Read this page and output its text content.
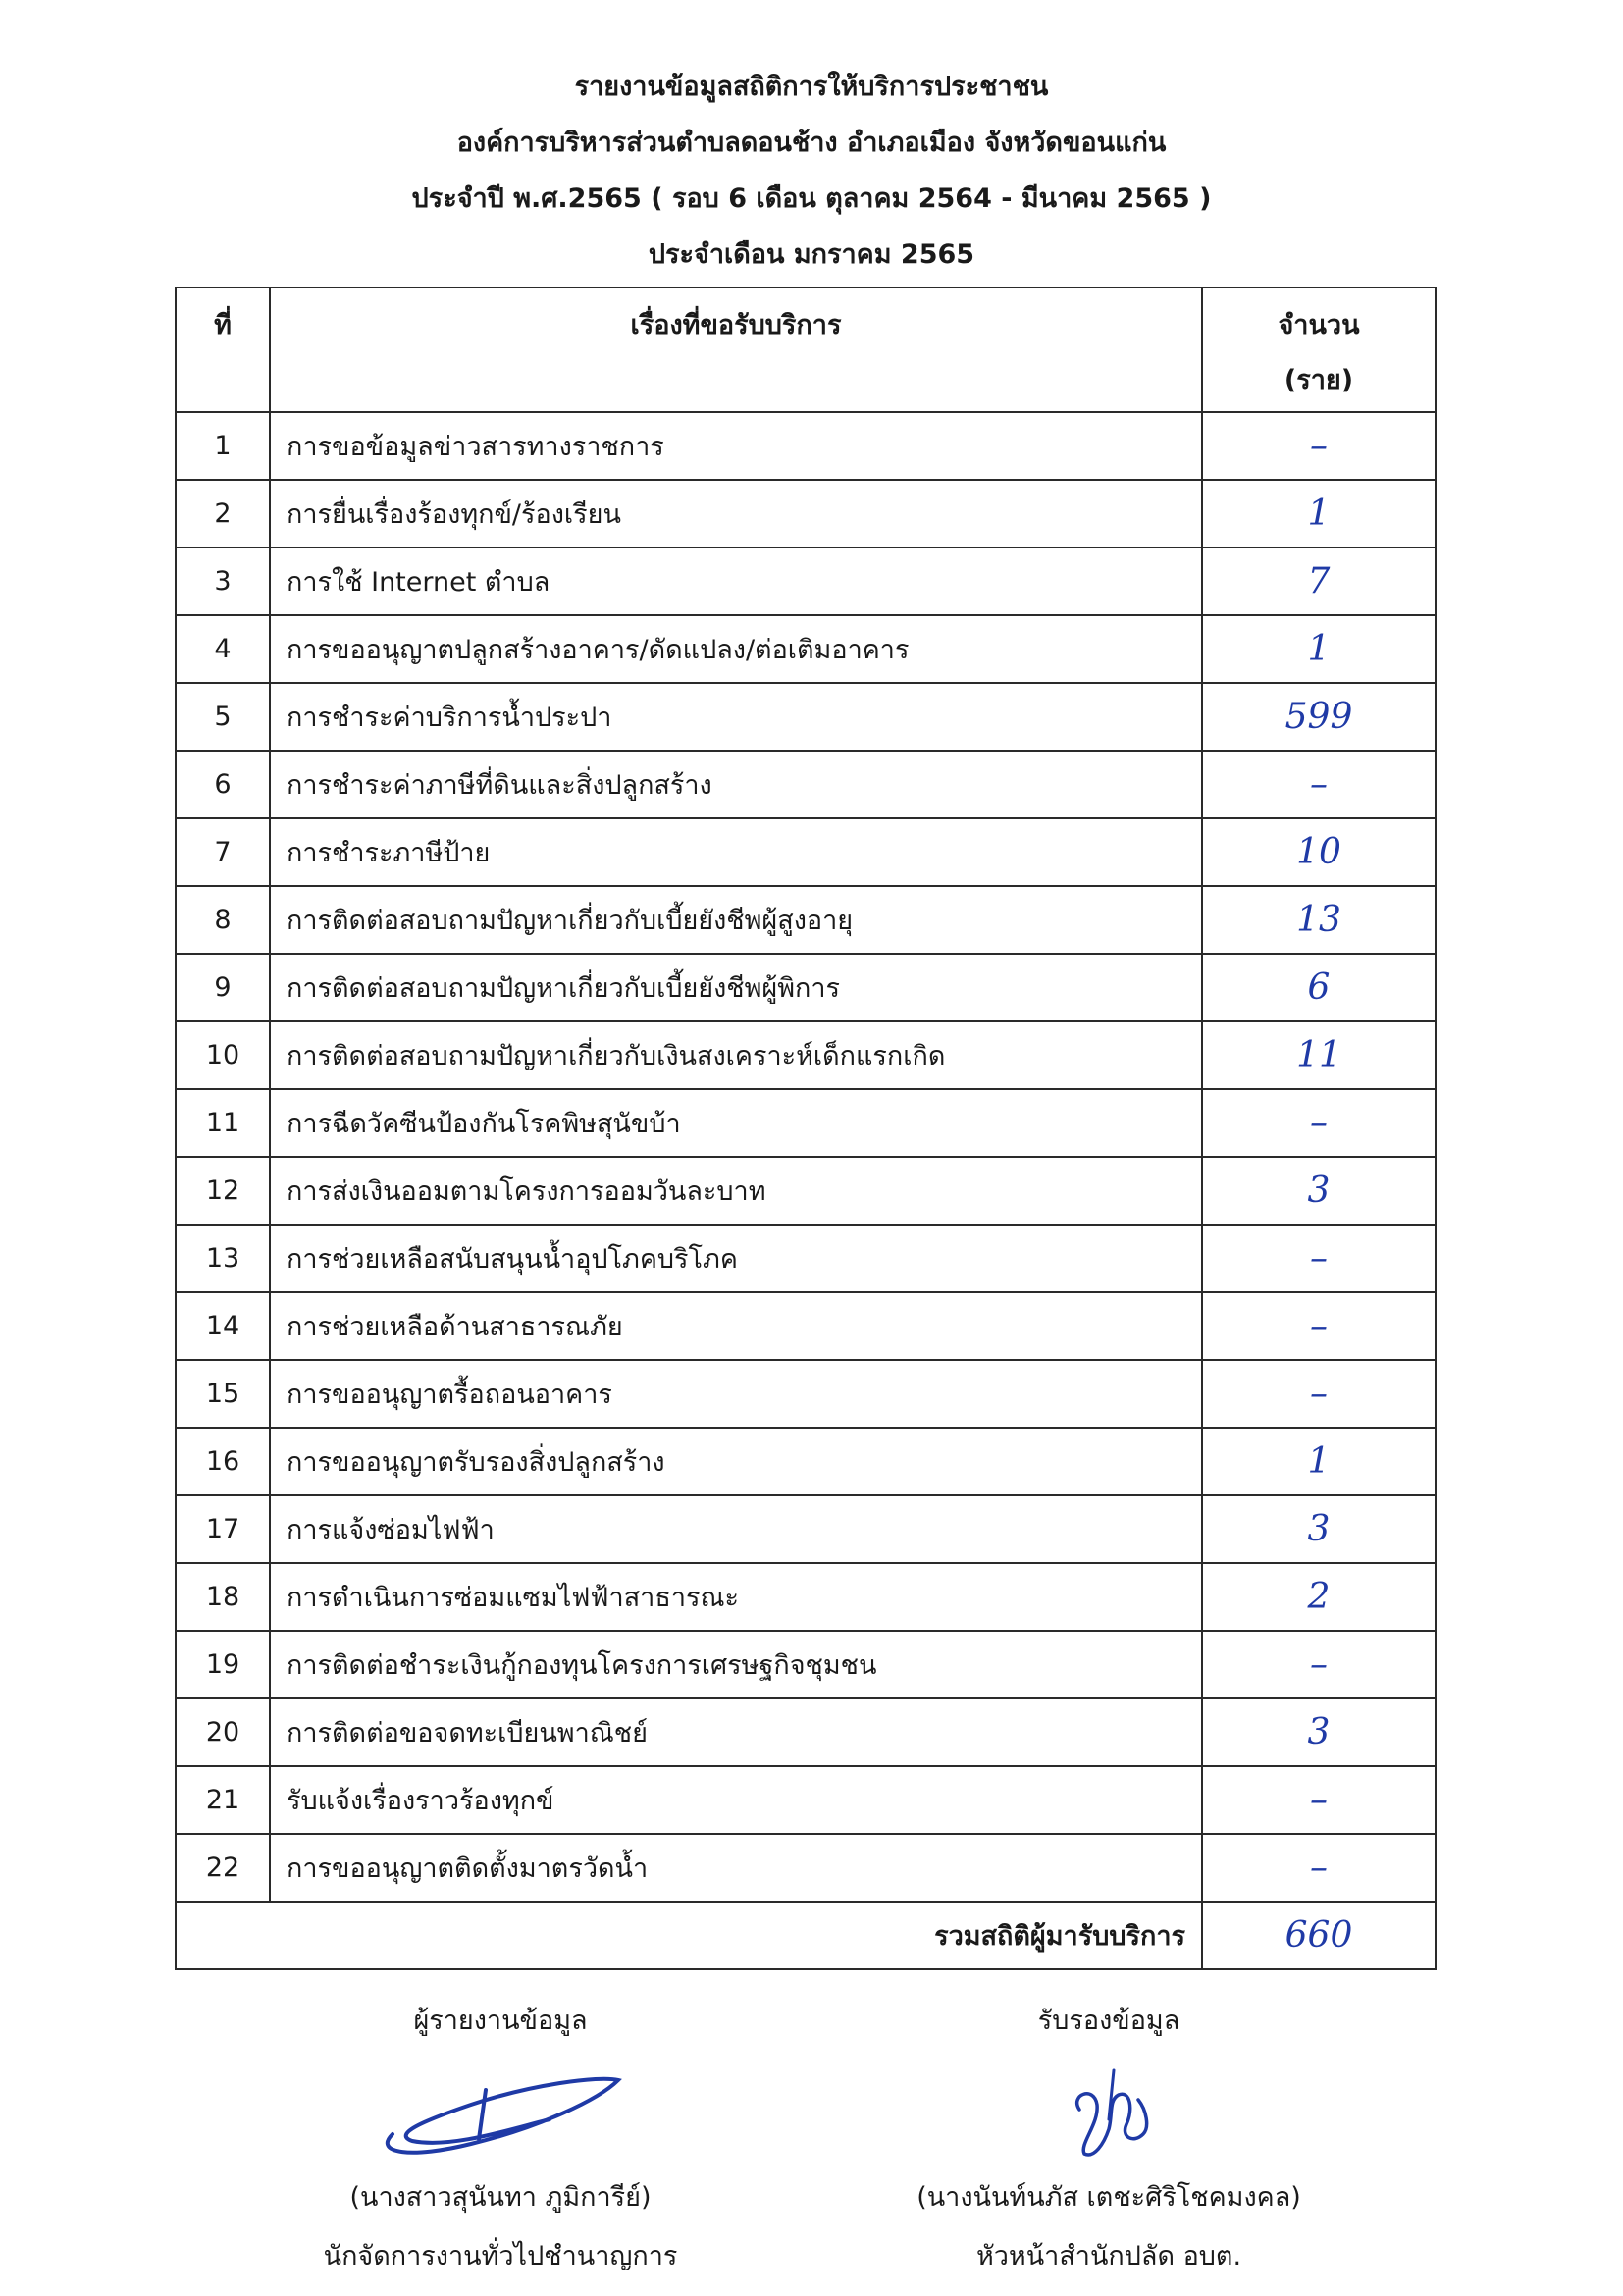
รายงานข้อมูลสถิติการให้บริการประชาชน
องค์การบริหารส่วนตำบลดอนช้าง อำเภอเมือง จังหวัดขอนแก่น
ประจำปี พ.ศ.2565 ( รอบ 6 เดือน ตุลาคม 2564 - มีนาคม 2565 )
ประจำเดือน มกราคม 2565
ที่	เรื่องที่ขอรับบริการ	จำนวน
(ราย)
1	การขอข้อมูลข่าวสารทางราชการ	–
2	การยื่นเรื่องร้องทุกข์/ร้องเรียน	1
3	การใช้ Internet ตำบล	7
4	การขออนุญาตปลูกสร้างอาคาร/ดัดแปลง/ต่อเติมอาคาร	1
5	การชำระค่าบริการน้ำประปา	599
6	การชำระค่าภาษีที่ดินและสิ่งปลูกสร้าง	–
7	การชำระภาษีป้าย	10
8	การติดต่อสอบถามปัญหาเกี่ยวกับเบี้ยยังชีพผู้สูงอายุ	13
9	การติดต่อสอบถามปัญหาเกี่ยวกับเบี้ยยังชีพผู้พิการ	6
10	การติดต่อสอบถามปัญหาเกี่ยวกับเงินสงเคราะห์เด็กแรกเกิด	11
11	การฉีดวัคซีนป้องกันโรคพิษสุนัขบ้า	–
12	การส่งเงินออมตามโครงการออมวันละบาท	3
13	การช่วยเหลือสนับสนุนน้ำอุปโภคบริโภค	–
14	การช่วยเหลือด้านสาธารณภัย	–
15	การขออนุญาตรื้อถอนอาคาร	–
16	การขออนุญาตรับรองสิ่งปลูกสร้าง	1
17	การแจ้งซ่อมไฟฟ้า	3
18	การดำเนินการซ่อมแซมไฟฟ้าสาธารณะ	2
19	การติดต่อชำระเงินกู้กองทุนโครงการเศรษฐกิจชุมชน	–
20	การติดต่อขอจดทะเบียนพาณิชย์	3
21	รับแจ้งเรื่องราวร้องทุกข์	–
22	การขออนุญาตติดตั้งมาตรวัดน้ำ	–
รวมสถิติผู้มารับบริการ		660
ผู้รายงานข้อมูล
(นางสาวสุนันทา ภูมิการีย์)
นักจัดการงานทั่วไปชำนาญการ
รับรองข้อมูล
(นางนันท์นภัส เตชะศิริโชคมงคล)
หัวหน้าสำนักปลัด อบต.
